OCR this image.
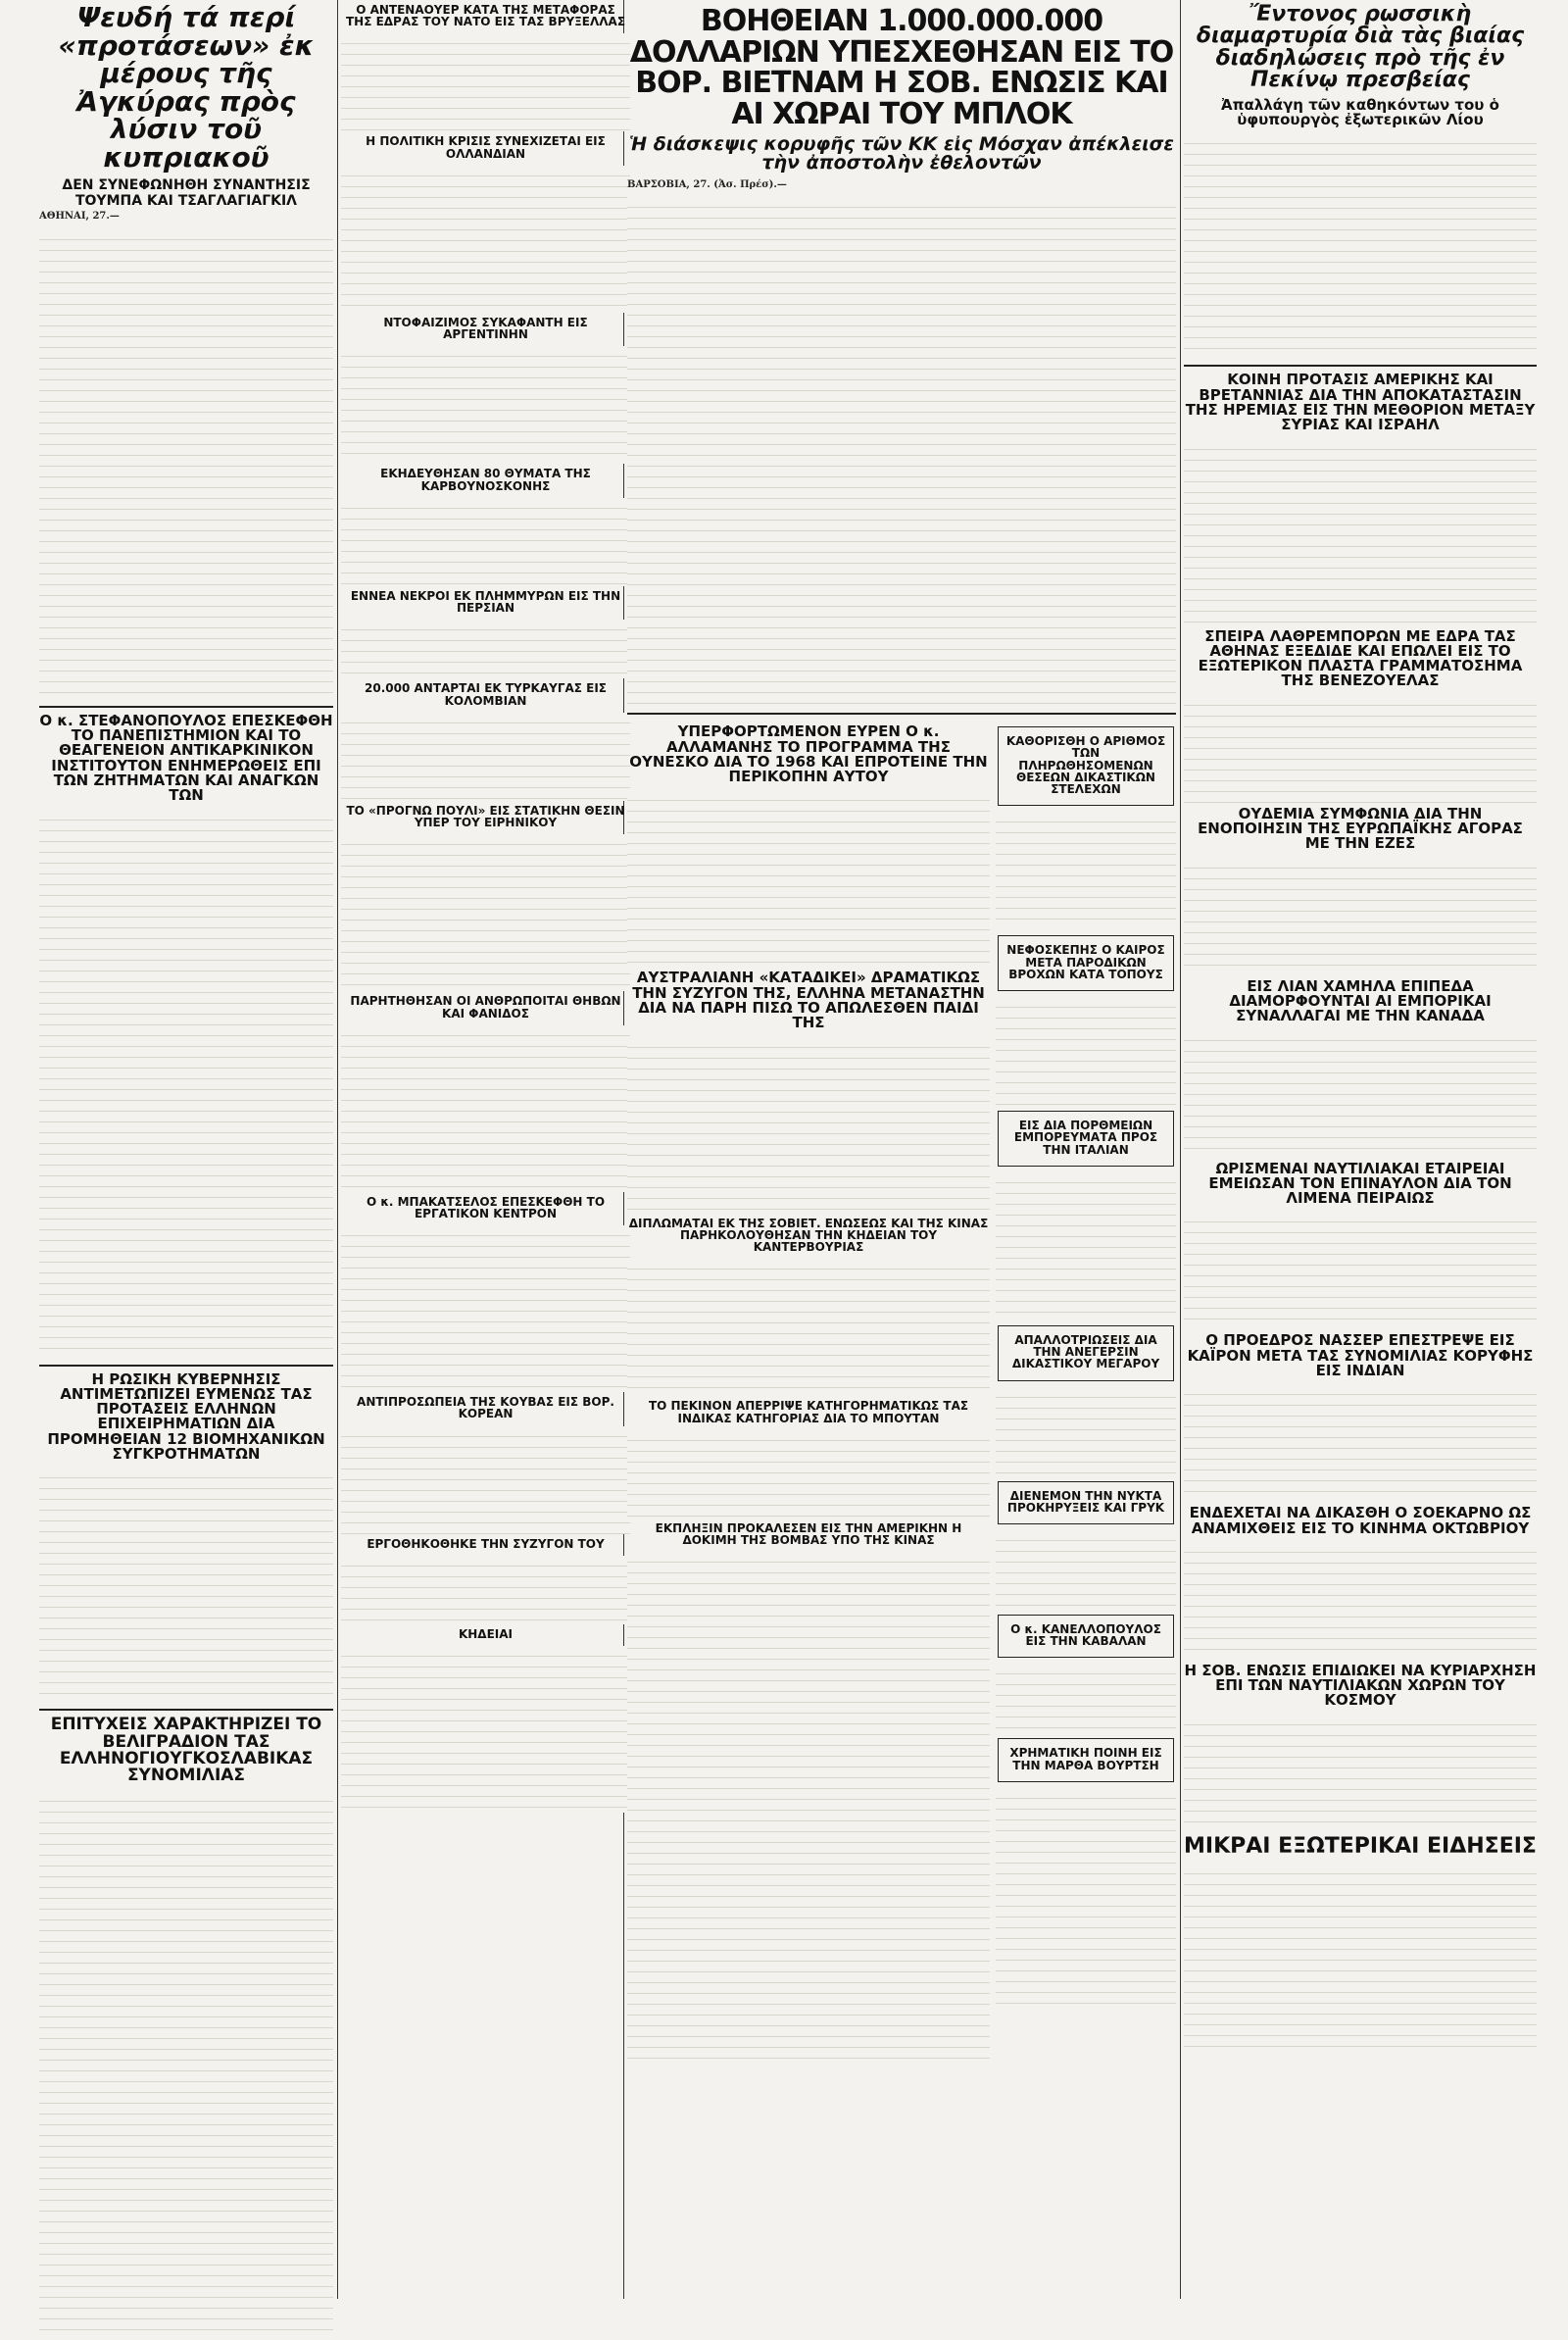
Ψευδή τά περί «προτάσεων» ἐκ μέρους τῆς Ἀγκύρας πρὸς λύσιν τοῦ κυπριακοῦ
ΔΕΝ ΣΥΝΕΦΩΝΗΘΗ ΣΥΝΑΝΤΗΣΙΣ ΤΟΥΜΠΑ ΚΑΙ ΤΣΑΓΛΑΓΙΑΓΚΙΛ
ΑΘΗΝΑΙ, 27.—
Ο κ. ΣΤΕΦΑΝΟΠΟΥΛΟΣ ΕΠΕΣΚΕΦΘΗ ΤΟ ΠΑΝΕΠΙΣΤΗΜΙΟΝ ΚΑΙ ΤΟ ΘΕΑΓΕΝΕΙΟΝ ΑΝΤΙΚΑΡΚΙΝΙΚΟΝ ΙΝΣΤΙΤΟΥΤΟΝ ΕΝΗΜΕΡΩΘΕΙΣ ΕΠΙ ΤΩΝ ΖΗΤΗΜΑΤΩΝ ΚΑΙ ΑΝΑΓΚΩΝ ΤΩΝ
Η ΡΩΣΙΚΗ ΚΥΒΕΡΝΗΣΙΣ ΑΝΤΙΜΕΤΩΠΙΖΕΙ ΕΥΜΕΝΩΣ ΤΑΣ ΠΡΟΤΑΣΕΙΣ ΕΛΛΗΝΩΝ ΕΠΙΧΕΙΡΗΜΑΤΙΩΝ ΔΙΑ ΠΡΟΜΗΘΕΙΑΝ 12 ΒΙΟΜΗΧΑΝΙΚΩΝ ΣΥΓΚΡΟΤΗΜΑΤΩΝ
ΕΠΙΤΥΧΕΙΣ ΧΑΡΑΚΤΗΡΙΖΕΙ ΤΟ ΒΕΛΙΓΡΑΔΙΟΝ ΤΑΣ ΕΛΛΗΝΟΓΙΟΥΓΚΟΣΛΑΒΙΚΑΣ ΣΥΝΟΜΙΛΙΑΣ
Ο ΑΝΤΕΝΑΟΥΕΡ ΚΑΤΑ ΤΗΣ ΜΕΤΑΦΟΡΑΣ ΤΗΣ ΕΔΡΑΣ ΤΟΥ ΝΑΤΟ ΕΙΣ ΤΑΣ ΒΡΥΞΕΛΛΑΣ
Η ΠΟΛΙΤΙΚΗ ΚΡΙΣΙΣ ΣΥΝΕΧΙΖΕΤΑΙ ΕΙΣ ΟΛΛΑΝΔΙΑΝ
ΝΤΟΦΑΙΖΙΜΟΣ ΣΥΚΑΦΑΝΤΗ ΕΙΣ ΑΡΓΕΝΤΙΝΗΝ
ΕΚΗΔΕΥΘΗΣΑΝ 80 ΘΥΜΑΤΑ ΤΗΣ ΚΑΡΒΟΥΝΟΣΚΟΝΗΣ
ΕΝΝΕΑ ΝΕΚΡΟΙ ΕΚ ΠΛΗΜΜΥΡΩΝ ΕΙΣ ΤΗΝ ΠΕΡΣΙΑΝ
20.000 ΑΝΤΑΡΤΑΙ ΕΚ ΤΥΡΚΑΥΓΑΣ ΕΙΣ ΚΟΛΟΜΒΙΑΝ
ΤΟ «ΠΡΟΓΝΩ ΠΟΥΛΙ» ΕΙΣ ΣΤΑΤΙΚΗΝ ΘΕΣΙΝ ΥΠΕΡ ΤΟΥ ΕΙΡΗΝΙΚΟΥ
ΠΑΡΗΤΗΘΗΣΑΝ ΟΙ ΑΝΘΡΩΠΟΙΤΑΙ ΘΗΒΩΝ ΚΑΙ ΦΑΝΙΔΟΣ
Ο κ. ΜΠΑΚΑΤΣΕΛΟΣ ΕΠΕΣΚΕΦΘΗ ΤΟ ΕΡΓΑΤΙΚΟΝ ΚΕΝΤΡΟΝ
ΑΝΤΙΠΡΟΣΩΠΕΙΑ ΤΗΣ ΚΟΥΒΑΣ ΕΙΣ ΒΟΡ. ΚΟΡΕΑΝ
ΕΡΓΟΘΗΚΟΘΗΚΕ ΤΗΝ ΣΥΖΥΓΟΝ ΤΟΥ
ΚΗΔΕΙΑΙ
ΒΟΗΘΕΙΑΝ 1.000.000.000 ΔΟΛΛΑΡΙΩΝ ΥΠΕΣΧΕΘΗΣΑΝ ΕΙΣ ΤΟ ΒΟΡ. ΒΙΕΤΝΑΜ Η ΣΟΒ. ΕΝΩΣΙΣ ΚΑΙ ΑΙ ΧΩΡΑΙ ΤΟΥ ΜΠΛΟΚ
Ἡ διάσκεψις κορυφῆς τῶν ΚΚ εἰς Μόσχαν ἀπέκλεισε τὴν ἀποστολὴν ἐθελοντῶν
ΒΑΡΣΟΒΙΑ, 27. (Ἀσ. Πρέσ).—
ΥΠΕΡΦΟΡΤΩΜΕΝΟΝ ΕΥΡΕΝ Ο κ. ΑΛΛΑΜΑΝΗΣ ΤΟ ΠΡΟΓΡΑΜΜΑ ΤΗΣ ΟΥΝΕΣΚΟ ΔΙΑ ΤΟ 1968 ΚΑΙ ΕΠΡΟΤΕΙΝΕ ΤΗΝ ΠΕΡΙΚΟΠΗΝ ΑΥΤΟΥ
ΑΥΣΤΡΑΛΙΑΝΗ «ΚΑΤΑΔΙΚΕΙ» ΔΡΑΜΑΤΙΚΩΣ ΤΗΝ ΣΥΖΥΓΟΝ ΤΗΣ, ΕΛΛΗΝΑ ΜΕΤΑΝΑΣΤΗΝ ΔΙΑ ΝΑ ΠΑΡΗ ΠΙΣΩ ΤΟ ΑΠΩΛΕΣΘΕΝ ΠΑΙΔΙ ΤΗΣ
ΔΙΠΛΩΜΑΤΑΙ ΕΚ ΤΗΣ ΣΟΒΙΕΤ. ΕΝΩΣΕΩΣ ΚΑΙ ΤΗΣ ΚΙΝΑΣ ΠΑΡΗΚΟΛΟΥΘΗΣΑΝ ΤΗΝ ΚΗΔΕΙΑΝ ΤΟΥ ΚΑΝΤΕΡΒΟΥΡΙΑΣ
ΤΟ ΠΕΚΙΝΟΝ ΑΠΕΡΡΙΨΕ ΚΑΤΗΓΟΡΗΜΑΤΙΚΩΣ ΤΑΣ ΙΝΔΙΚΑΣ ΚΑΤΗΓΟΡΙΑΣ ΔΙΑ ΤΟ ΜΠΟΥΤΑΝ
ΕΚΠΛΗΞΙΝ ΠΡΟΚΑΛΕΣΕΝ ΕΙΣ ΤΗΝ ΑΜΕΡΙΚΗΝ Η ΔΟΚΙΜΗ ΤΗΣ ΒΟΜΒΑΣ ΥΠΟ ΤΗΣ ΚΙΝΑΣ
ΚΑΘΟΡΙΣΘΗ Ο ΑΡΙΘΜΟΣ ΤΩΝ ΠΛΗΡΩΘΗΣΟΜΕΝΩΝ ΘΕΣΕΩΝ ΔΙΚΑΣΤΙΚΩΝ ΣΤΕΛΕΧΩΝ
ΝΕΦΟΣΚΕΠΗΣ Ο ΚΑΙΡΟΣ ΜΕΤΑ ΠΑΡΟΔΙΚΩΝ ΒΡΟΧΩΝ ΚΑΤΑ ΤΟΠΟΥΣ
ΕΙΣ ΔΙΑ ΠΟΡΘΜΕΙΩΝ ΕΜΠΟΡΕΥΜΑΤΑ ΠΡΟΣ ΤΗΝ ΙΤΑΛΙΑΝ
ΑΠΑΛΛΟΤΡΙΩΣΕΙΣ ΔΙΑ ΤΗΝ ΑΝΕΓΕΡΣΙΝ ΔΙΚΑΣΤΙΚΟΥ ΜΕΓΑΡΟΥ
ΔΙΕΝΕΜΟΝ ΤΗΝ ΝΥΚΤΑ ΠΡΟΚΗΡΥΞΕΙΣ ΚΑΙ ΓΡΥΚ
Ο κ. ΚΑΝΕΛΛΟΠΟΥΛΟΣ ΕΙΣ ΤΗΝ ΚΑΒΑΛΑΝ
ΧΡΗΜΑΤΙΚΗ ΠΟΙΝΗ ΕΙΣ ΤΗΝ ΜΑΡΘΑ ΒΟΥΡΤΣΗ
Ἔντονος ρωσσικὴ διαμαρτυρία διὰ τὰς βιαίας διαδηλώσεις πρὸ τῆς ἐν Πεκίνῳ πρεσβείας
Ἀπαλλάγη τῶν καθηκόντων του ὁ ὑφυπουργὸς ἐξωτερικῶν Λίου
ΚΟΙΝΗ ΠΡΟΤΑΣΙΣ ΑΜΕΡΙΚΗΣ ΚΑΙ ΒΡΕΤΑΝΝΙΑΣ ΔΙΑ ΤΗΝ ΑΠΟΚΑΤΑΣΤΑΣΙΝ ΤΗΣ ΗΡΕΜΙΑΣ ΕΙΣ ΤΗΝ ΜΕΘΟΡΙΟΝ ΜΕΤΑΞΥ ΣΥΡΙΑΣ ΚΑΙ ΙΣΡΑΗΛ
ΣΠΕΙΡΑ ΛΑΘΡΕΜΠΟΡΩΝ ΜΕ ΕΔΡΑ ΤΑΣ ΑΘΗΝΑΣ ΕΞΕΔΙΔΕ ΚΑΙ ΕΠΩΛΕΙ ΕΙΣ ΤΟ ΕΞΩΤΕΡΙΚΟΝ ΠΛΑΣΤΑ ΓΡΑΜΜΑΤΟΣΗΜΑ ΤΗΣ ΒΕΝΕΖΟΥΕΛΑΣ
ΟΥΔΕΜΙΑ ΣΥΜΦΩΝΙΑ ΔΙΑ ΤΗΝ ΕΝΟΠΟΙΗΣΙΝ ΤΗΣ ΕΥΡΩΠΑΪΚΗΣ ΑΓΟΡΑΣ ΜΕ ΤΗΝ ΕΖΕΣ
ΕΙΣ ΛΙΑΝ ΧΑΜΗΛΑ ΕΠΙΠΕΔΑ ΔΙΑΜΟΡΦΟΥΝΤΑΙ ΑΙ ΕΜΠΟΡΙΚΑΙ ΣΥΝΑΛΛΑΓΑΙ ΜΕ ΤΗΝ ΚΑΝΑΔΑ
ΩΡΙΣΜΕΝΑΙ ΝΑΥΤΙΛΙΑΚΑΙ ΕΤΑΙΡΕΙΑΙ ΕΜΕΙΩΣΑΝ ΤΟΝ ΕΠΙΝΑΥΛΟΝ ΔΙΑ ΤΟΝ ΛΙΜΕΝΑ ΠΕΙΡΑΙΩΣ
Ο ΠΡΟΕΔΡΟΣ ΝΑΣΣΕΡ ΕΠΕΣΤΡΕΨΕ ΕΙΣ ΚΑΪΡΟΝ ΜΕΤΑ ΤΑΣ ΣΥΝΟΜΙΛΙΑΣ ΚΟΡΥΦΗΣ ΕΙΣ ΙΝΔΙΑΝ
ΕΝΔΕΧΕΤΑΙ ΝΑ ΔΙΚΑΣΘΗ Ο ΣΟΕΚΑΡΝΟ ΩΣ ΑΝΑΜΙΧΘΕΙΣ ΕΙΣ ΤΟ ΚΙΝΗΜΑ ΟΚΤΩΒΡΙΟΥ
Η ΣΟΒ. ΕΝΩΣΙΣ ΕΠΙΔΙΩΚΕΙ ΝΑ ΚΥΡΙΑΡΧΗΣΗ ΕΠΙ ΤΩΝ ΝΑΥΤΙΛΙΑΚΩΝ ΧΩΡΩΝ ΤΟΥ ΚΟΣΜΟΥ
ΜΙΚΡΑΙ ΕΞΩΤΕΡΙΚΑΙ ΕΙΔΗΣΕΙΣ
